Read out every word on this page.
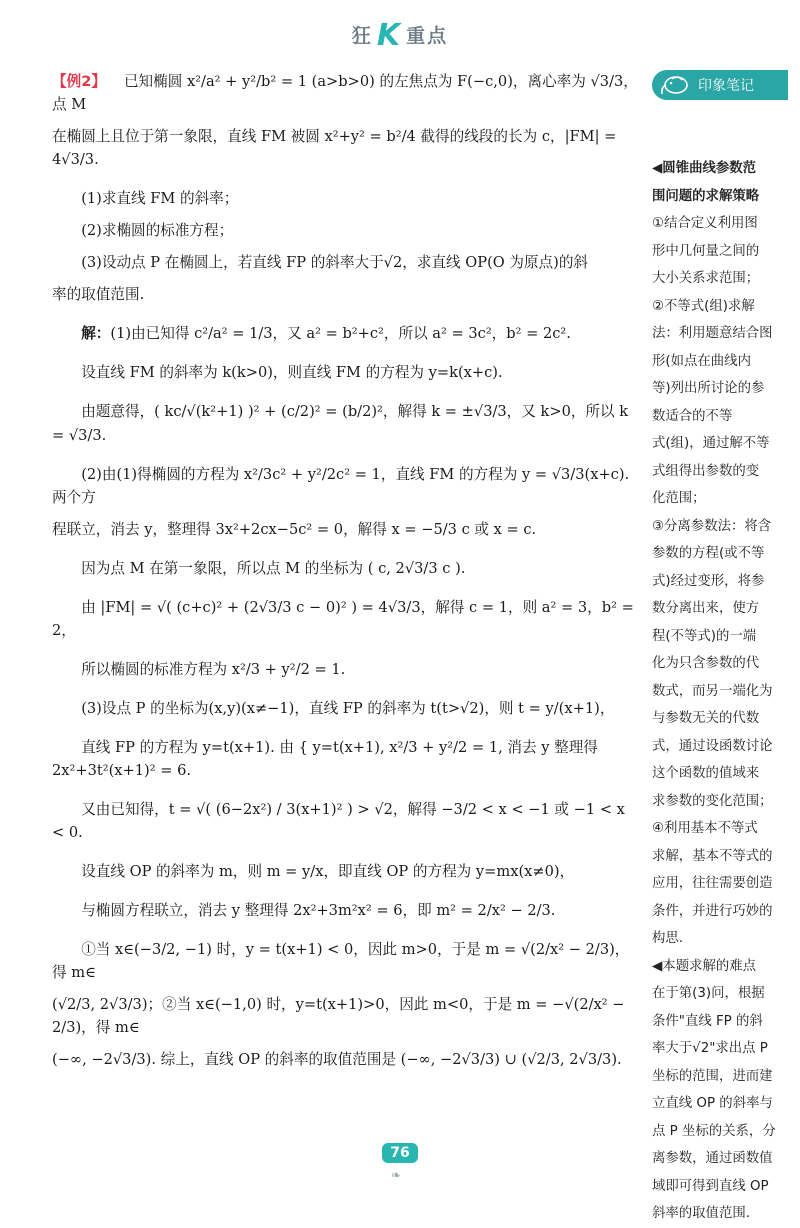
狂 K 重点

【例2】 已知椭圆 x²/a² + y²/b² = 1 (a>b>0) 的左焦点为 F(−c,0)，离心率为 √3/3，点 M

在椭圆上且位于第一象限，直线 FM 被圆 x²+y² = b²/4 截得的线段的长为 c，|FM| = 4√3/3.

(1)求直线 FM 的斜率；

(2)求椭圆的标准方程；

(3)设动点 P 在椭圆上，若直线 FP 的斜率大于√2，求直线 OP(O 为原点)的斜

率的取值范围.

解：(1)由已知得 c²/a² = 1/3，又 a² = b²+c²，所以 a² = 3c²，b² = 2c².

设直线 FM 的斜率为 k(k>0)，则直线 FM 的方程为 y=k(x+c).

由题意得，( kc/√(k²+1) )² + (c/2)² = (b/2)²，解得 k = ±√3/3，又 k>0，所以 k = √3/3.

(2)由(1)得椭圆的方程为 x²/3c² + y²/2c² = 1，直线 FM 的方程为 y = √3/3(x+c). 两个方

程联立，消去 y，整理得 3x²+2cx−5c² = 0，解得 x = −5/3 c 或 x = c.

因为点 M 在第一象限，所以点 M 的坐标为 ( c, 2√3/3 c ).

由 |FM| = √( (c+c)² + (2√3/3 c − 0)² ) = 4√3/3，解得 c = 1，则 a² = 3，b² = 2，

所以椭圆的标准方程为 x²/3 + y²/2 = 1.

(3)设点 P 的坐标为(x,y)(x≠−1)，直线 FP 的斜率为 t(t>√2)，则 t = y/(x+1)，

直线 FP 的方程为 y=t(x+1). 由 { y=t(x+1), x²/3 + y²/2 = 1, 消去 y 整理得 2x²+3t²(x+1)² = 6.

又由已知得，t = √( (6−2x²) / 3(x+1)² ) > √2，解得 −3/2 < x < −1 或 −1 < x < 0.

设直线 OP 的斜率为 m，则 m = y/x，即直线 OP 的方程为 y=mx(x≠0)，

与椭圆方程联立，消去 y 整理得 2x²+3m²x² = 6，即 m² = 2/x² − 2/3.

①当 x∈(−3/2, −1) 时，y = t(x+1) < 0，因此 m>0，于是 m = √(2/x² − 2/3)，得 m∈

(√2/3, 2√3/3)；②当 x∈(−1,0) 时，y=t(x+1)>0，因此 m<0，于是 m = −√(2/x² − 2/3)，得 m∈

(−∞, −2√3/3). 综上，直线 OP 的斜率的取值范围是 (−∞, −2√3/3) ∪ (√2/3, 2√3/3).

印象笔记
◀圆锥曲线参数范
围问题的求解策略
①结合定义利用图
形中几何量之间的
大小关系求范围；
②不等式(组)求解
法：利用题意结合图
形(如点在曲线内
等)列出所讨论的参
数适合的不等
式(组)，通过解不等
式组得出参数的变
化范围；
③分离参数法：将含
参数的方程(或不等
式)经过变形，将参
数分离出来，使方
程(不等式)的一端
化为只含参数的代
数式，而另一端化为
与参数无关的代数
式，通过设函数讨论
这个函数的值域来
求参数的变化范围；
④利用基本不等式
求解，基本不等式的
应用，往往需要创造
条件，并进行巧妙的
构思.
◀本题求解的难点
在于第(3)问，根据
条件"直线 FP 的斜
率大于√2"求出点 P
坐标的范围，进而建
立直线 OP 的斜率与
点 P 坐标的关系，分
离参数，通过函数值
域即可得到直线 OP
斜率的取值范围.
76
❧
